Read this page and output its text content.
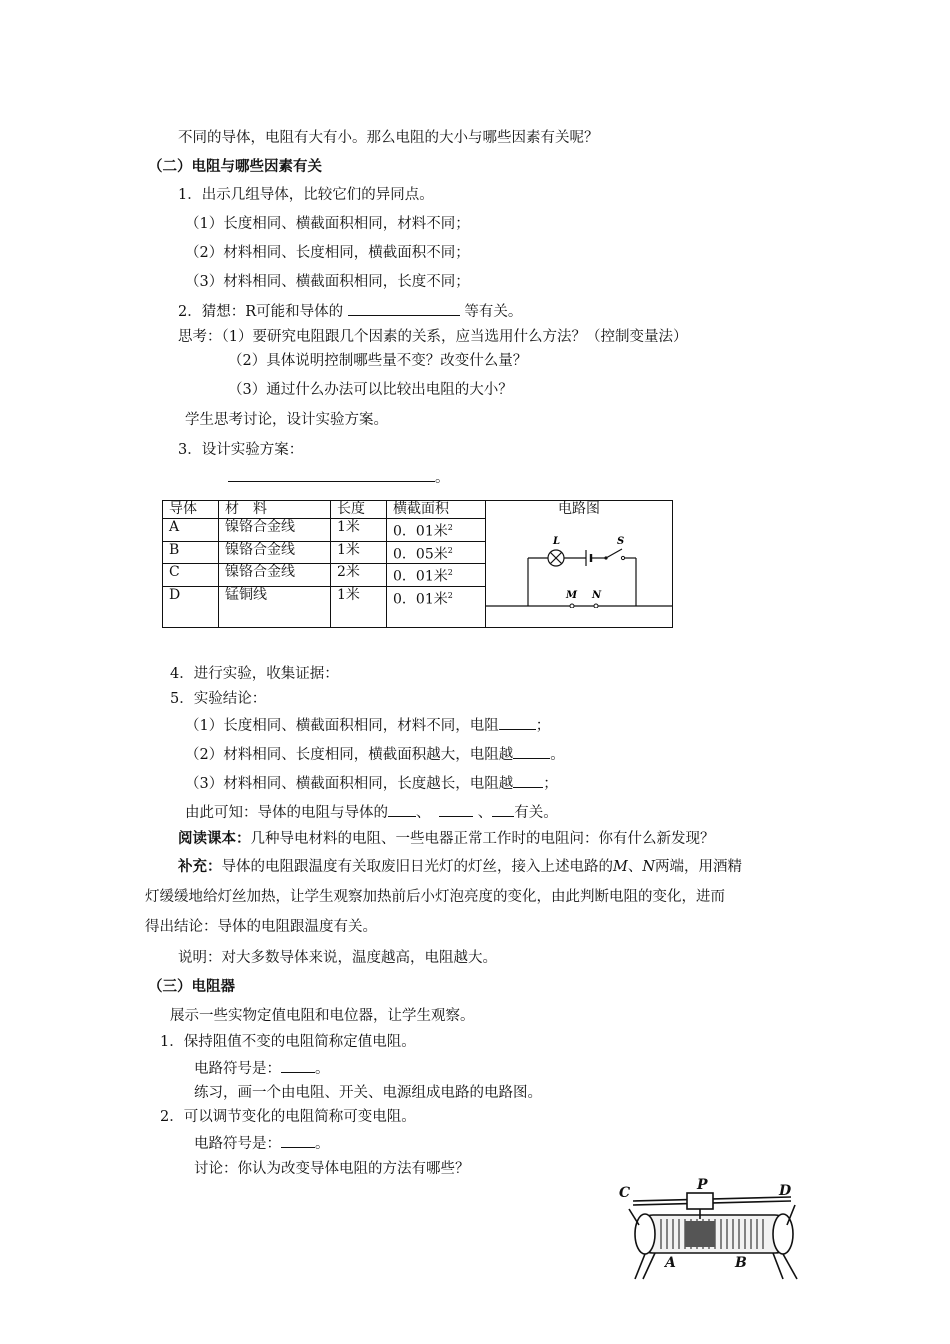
不同的导体，电阻有大有小。那么电阻的大小与哪些因素有关呢？
（二）电阻与哪些因素有关
1．出示几组导体，比较它们的异同点。
（1）长度相同、横截面积相同，材料不同；
（2）材料相同、长度相同，横截面积不同；
（3）材料相同、横截面积相同，长度不同；
2．猜想：R可能和导体的	等有关。
思考：（1）要研究电阻跟几个因素的关系，应当选用什么方法？（控制变量法）
（2）具体说明控制哪些量不变？改变什么量？
（3）通过什么办法可以比较出电阻的大小？
学生思考讨论，设计实验方案。
3．设计实验方案：
。
导体	材　料	长度	横截面积	电路图
L S
M N

A	镍铬合金线	1米	0．01米$^2$
B	镍铬合金线	1米	0．05米$^2$
C	镍铬合金线	2米	0．01米$^2$
D	锰铜线	1米	0．01米$^2$
4．进行实验，收集证据：
5．实验结论：
（1）长度相同、横截面积相同，材料不同，电阻	；
（2）材料相同、长度相同，横截面积越大，电阻越	。
（3）材料相同、横截面积相同，长度越长，电阻越 ；
由此可知：导体的电阻与导体的 、	、 有关。
阅读课本：几种导电材料的电阻、一些电器正常工作时的电阻问：你有什么新发现？
补充：导体的电阻跟温度有关取废旧日光灯的灯丝，接入上述电路的M、N两端，用酒精
灯缓缓地给灯丝加热，让学生观察加热前后小灯泡亮度的变化，由此判断电阻的变化，进而
得出结论：导体的电阻跟温度有关。
说明：对大多数导体来说，温度越高，电阻越大。
（三）电阻器
展示一些实物定值电阻和电位器，让学生观察。
1．保持阻值不变的电阻简称定值电阻。
电路符号是： 。
练习，画一个由电阻、开关、电源组成电路的电路图。
2．可以调节变化的电阻简称可变电阻。
电路符号是： 。
讨论：你认为改变导体电阻的方法有哪些？
C	P	D
A	B
